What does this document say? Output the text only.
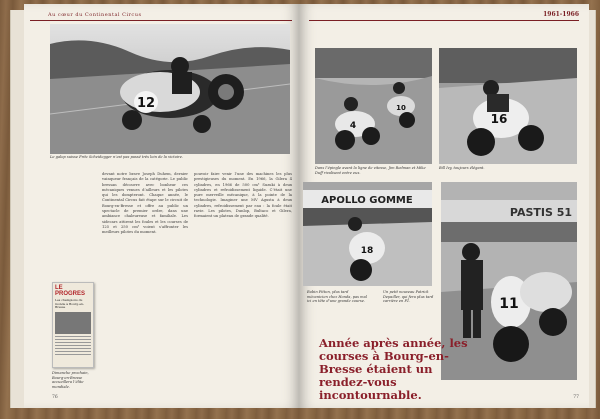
Au cœur du Continental Circus
12
Le galop suisse Fritz Scheidegger n’est pas passé très loin de la victoire.
devant notre brave Joseph Duhem, dernier vainqueur français de la catégorie. Le public bressan découvre avec bonheur ces mécaniques venues d’ailleurs et les pilotes qui les dompteront. Chaque année, le Continental Circus fait étape sur le circuit de Bourg-en-Bresse et offre au public un spectacle de premier ordre, dans une ambiance chaleureuse et familiale. Les sidecars attirent les foules et les courses de 125 et 250 cm³ voient s’affronter les meilleurs pilotes du moment.
pouvoir faire venir l’une des machines les plus prestigieuses du moment. En 1966, la Gilera 4 cylindres, en 1966 de 500 cm³ Suzuki à deux cylindres et refroidissement liquide. C’était une pure merveille mécanique, à la pointe de la technologie. Imaginer une MV Agusta à deux cylindres, refroidissement par eau : la foule était ravie. Les pilotes, Dunlop, Bultaco et Gilera, formaient un plateau de grande qualité.
LE PROGRES
Les champions du monde à Bourg-en-Bresse
Dimanche prochain, Bourg-en-Bresse accueillera l’élite mondiale.
76
1961-1966
4
10
Dans l’épingle avant la ligne de vitesse, Jim Redman et Mike Duff rivalisent entre eux.
16
Bill Ivy, toujours élégant.
APOLLO GOMME
18
Robin Fitton, plus tard mécanicien chez Honda, pas mal ici en tête d’une grande course.
PASTIS 51
11
Un petit nouveau Patrick Depailler, qui fera plus tard carrière en F1.
Année après année, les courses à Bourg-en-Bresse étaient un rendez-vous incontournable.	77
